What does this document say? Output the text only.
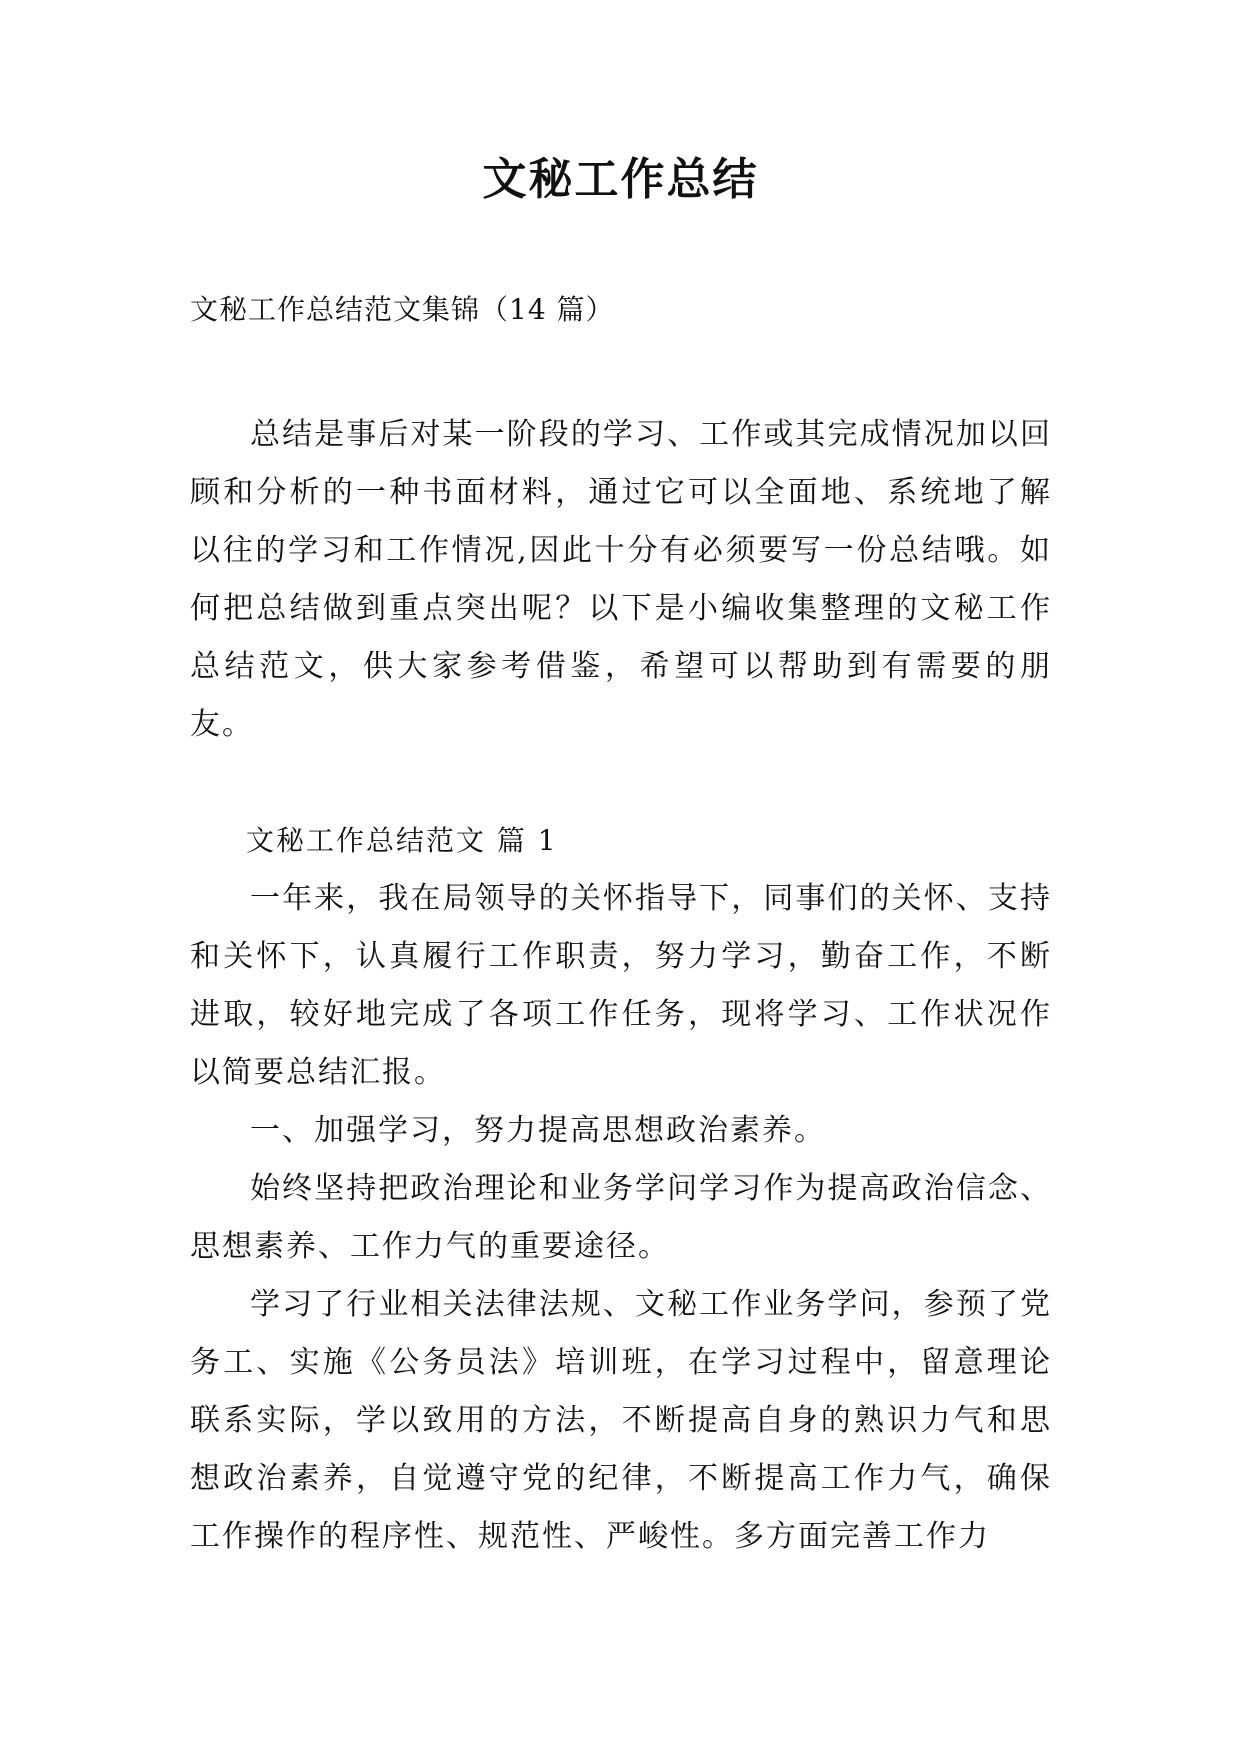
文秘工作总结
文秘工作总结范文集锦（14 篇）

总结是事后对某一阶段的学习、工作或其完成情况加以回顾和分析的一种书面材料，通过它可以全面地、系统地了解以往的学习和工作情况,因此十分有必须要写一份总结哦。如何把总结做到重点突出呢？以下是小编收集整理的文秘工作总结范文，供大家参考借鉴，希望可以帮助到有需要的朋友。

文秘工作总结范文 篇 1

一年来，我在局领导的关怀指导下，同事们的关怀、支持和关怀下，认真履行工作职责，努力学习，勤奋工作，不断进取，较好地完成了各项工作任务，现将学习、工作状况作以简要总结汇报。

一、加强学习，努力提高思想政治素养。

始终坚持把政治理论和业务学问学习作为提高政治信念、思想素养、工作力气的重要途径。

学习了行业相关法律法规、文秘工作业务学问，参预了党务工、实施《公务员法》培训班，在学习过程中，留意理论联系实际，学以致用的方法，不断提高自身的熟识力气和思想政治素养，自觉遵守党的纪律，不断提高工作力气，确保工作操作的程序性、规范性、严峻性。多方面完善工作力
